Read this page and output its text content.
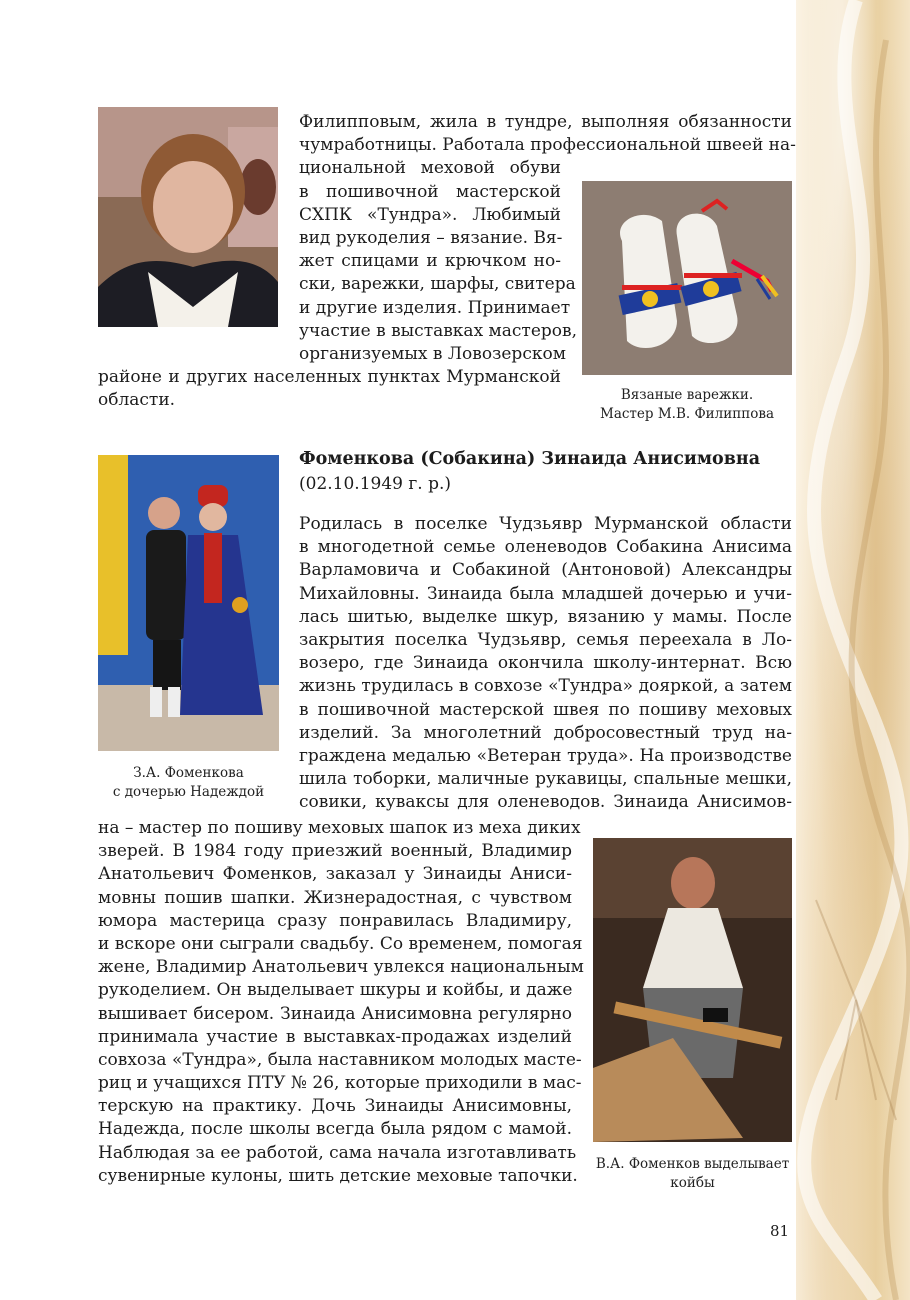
Филипповым, жила в тундре, выполняя обязанности
чумработницы. Работала профессиональной швеей на-
циональной меховой обуви
в пошивочной мастерской
СХПК «Тундра». Любимый
вид рукоделия – вязание. Вя-
жет спицами и крючком но-
ски, варежки, шарфы, свитера
и другие изделия. Принимает
участие в выставках мастеров,
организуемых в Ловозерском
районе и других населенных пунктах Мурманской
области.	Вязаные варежки.
Мастер М.В. Филиппова
Фоменкова (Собакина) Зинаида Анисимовна
(02.10.1949 г. р.)
Родилась в поселке Чудзьявр Мурманской области
в многодетной семье оленеводов Собакина Анисима
Варламовича и Собакиной (Антоновой) Александры
Михайловны. Зинаида была младшей дочерью и учи-
лась шитью, выделке шкур, вязанию у мамы. После
закрытия поселка Чудзьявр, семья переехала в Ло-
возеро, где Зинаида окончила школу-интернат. Всю
жизнь трудилась в совхозе «Тундра» дояркой, а затем
в пошивочной мастерской швея по пошиву меховых
изделий. За многолетний добросовестный труд на-
граждена медалью «Ветеран труда». На производстве
шила тоборки, маличные рукавицы, спальные мешки,
совики, куваксы для оленеводов. Зинаида Анисимов-
З.А. Фоменкова
с дочерью Надеждой
на – мастер по пошиву меховых шапок из меха диких
зверей. В 1984 году приезжий военный, Владимир
Анатольевич Фоменков, заказал у Зинаиды Аниси-
мовны пошив шапки. Жизнерадостная, с чувством
юмора мастерица сразу понравилась Владимиру,
и вскоре они сыграли свадьбу. Со временем, помогая
жене, Владимир Анатольевич увлекся национальным
рукоделием. Он выделывает шкуры и койбы, и даже
вышивает бисером. Зинаида Анисимовна регулярно
принимала участие в выставках-продажах изделий
совхоза «Тундра», была наставником молодых масте-
риц и учащихся ПТУ № 26, которые приходили в мас-
терскую на практику. Дочь Зинаиды Анисимовны,
Надежда, после школы всегда была рядом с мамой.
Наблюдая за ее работой, сама начала изготавливать
сувенирные кулоны, шить детские меховые тапочки.
В.А. Фоменков выделывает
койбы
81
